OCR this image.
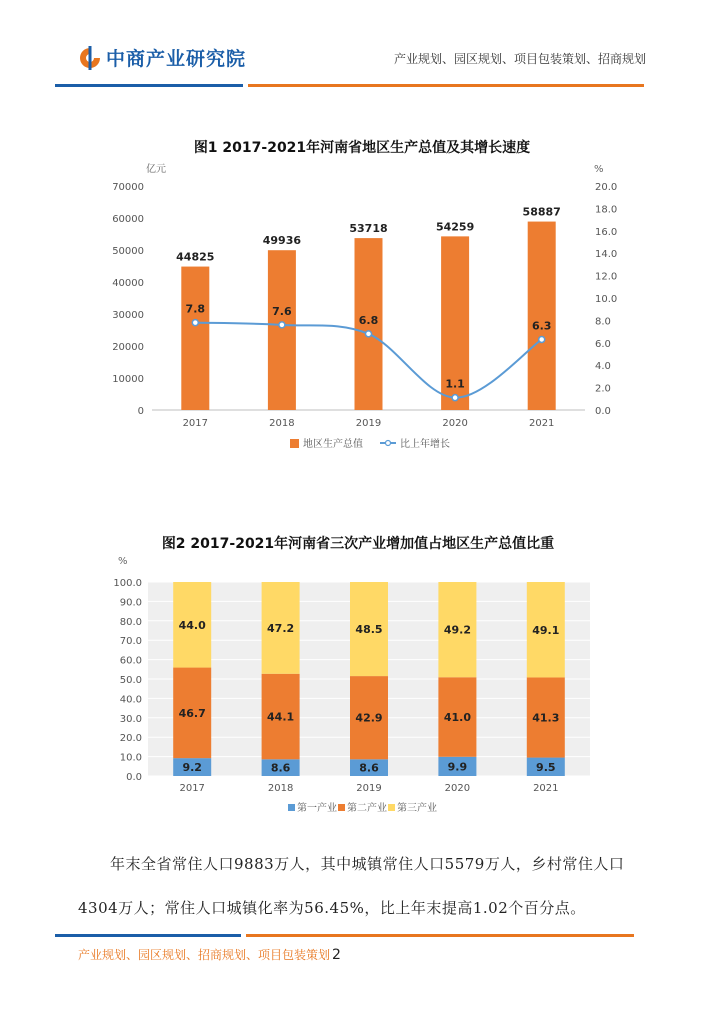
中商产业研究院	产业规划、园区规划、项目包装策划、招商规划
图1 2017-2021年河南省地区生产总值及其增长速度
亿元	%
0
10000
20000
30000
40000
50000
60000
70000
0.0
2.0
4.0
6.0
8.0
10.0
12.0
14.0
16.0
18.0
20.0
2017	2018	2019	2020	2021
44825
49936
53718	54259
58887
7.8	7.6
6.8
1.1
6.3
地区生产总值	比上年增长
图2 2017-2021年河南省三次产业增加值占地区生产总值比重
%
0.0
10.0
20.0
30.0
40.0
50.0
60.0
70.0
80.0
90.0
100.0
2017	2018	2019	2020	2021
9.2
46.7
44.0
8.6
44.1
47.2
8.6
42.9
48.5
9.9
41.0
49.2
9.5
41.3
49.1
第一产业 第二产业 第三产业

年末全省常住人口9883万人，其中城镇常住人口5579万人，乡村常住人口4304万人；常住人口城镇化率为56.45%，比上年末提高1.02个百分点。

产业规划、园区规划、招商规划、项目包装策划 2
